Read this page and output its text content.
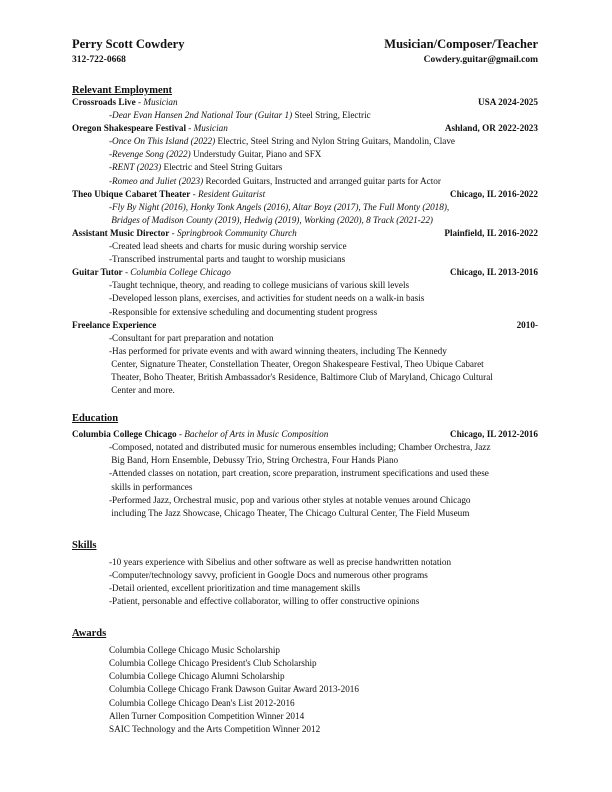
Perry Scott Cowdery	Musician/Composer/Teacher
312-722-0668	Cowdery.guitar@gmail.com
Relevant Employment
Crossroads Live - Musician	USA 2024-2025
-Dear Evan Hansen 2nd National Tour (Guitar 1) Steel String, Electric
Oregon Shakespeare Festival - Musician	Ashland, OR 2022-2023
-Once On This Island (2022) Electric, Steel String and Nylon String Guitars, Mandolin, Clave
-Revenge Song (2022) Understudy Guitar, Piano and SFX
-RENT (2023) Electric and Steel String Guitars
-Romeo and Juliet (2023) Recorded Guitars, Instructed and arranged guitar parts for Actor
Theo Ubique Cabaret Theater - Resident Guitarist	Chicago, IL 2016-2022
-Fly By Night (2016), Honky Tonk Angels (2016), Altar Boyz (2017), The Full Monty (2018),
Bridges of Madison County (2019), Hedwig (2019), Working (2020), 8 Track (2021-22)
Assistant Music Director - Springbrook Community Church	Plainfield, IL 2016-2022
-Created lead sheets and charts for music during worship service
-Transcribed instrumental parts and taught to worship musicians
Guitar Tutor - Columbia College Chicago	Chicago, IL 2013-2016
-Taught technique, theory, and reading to college musicians of various skill levels
-Developed lesson plans, exercises, and activities for student needs on a walk-in basis
-Responsible for extensive scheduling and documenting student progress
Freelance Experience	2010-
-Consultant for part preparation and notation
-Has performed for private events and with award winning theaters, including The Kennedy
Center, Signature Theater, Constellation Theater, Oregon Shakespeare Festival, Theo Ubique Cabaret
Theater, Boho Theater, British Ambassador's Residence, Baltimore Club of Maryland, Chicago Cultural
Center and more.
Education
Columbia College Chicago - Bachelor of Arts in Music Composition	Chicago, IL 2012-2016
-Composed, notated and distributed music for numerous ensembles including; Chamber Orchestra, Jazz
Big Band, Horn Ensemble, Debussy Trio, String Orchestra, Four Hands Piano
-Attended classes on notation, part creation, score preparation, instrument specifications and used these
skills in performances
-Performed Jazz, Orchestral music, pop and various other styles at notable venues around Chicago
including The Jazz Showcase, Chicago Theater, The Chicago Cultural Center, The Field Museum
Skills
-10 years experience with Sibelius and other software as well as precise handwritten notation
-Computer/technology savvy, proficient in Google Docs and numerous other programs
-Detail oriented, excellent prioritization and time management skills
-Patient, personable and effective collaborator, willing to offer constructive opinions
Awards
Columbia College Chicago Music Scholarship
Columbia College Chicago President's Club Scholarship
Columbia College Chicago Alumni Scholarship
Columbia College Chicago Frank Dawson Guitar Award 2013-2016
Columbia College Chicago Dean's List 2012-2016
Allen Turner Composition Competition Winner 2014
SAIC Technology and the Arts Competition Winner 2012
